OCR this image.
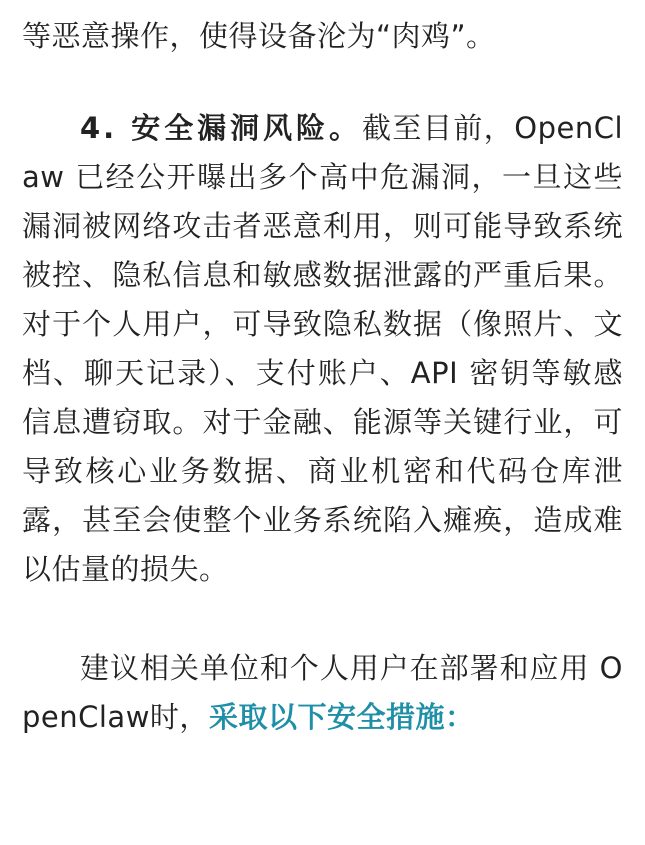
等恶意操作，使得设备沦为“肉鸡”。

4. 安全漏洞风险。截至目前，OpenClaw 已经公开曝出多个高中危漏洞，一旦这些漏洞被网络攻击者恶意利用，则可能导致系统被控、隐私信息和敏感数据泄露的严重后果。对于个人用户，可导致隐私数据（像照片、文档、聊天记录）、支付账户、API 密钥等敏感信息遭窃取。对于金融、能源等关键行业，可导致核心业务数据、商业机密和代码仓库泄露，甚至会使整个业务系统陷入瘫痪，造成难以估量的损失。

建议相关单位和个人用户在部署和应用 OpenClaw时，采取以下安全措施：
